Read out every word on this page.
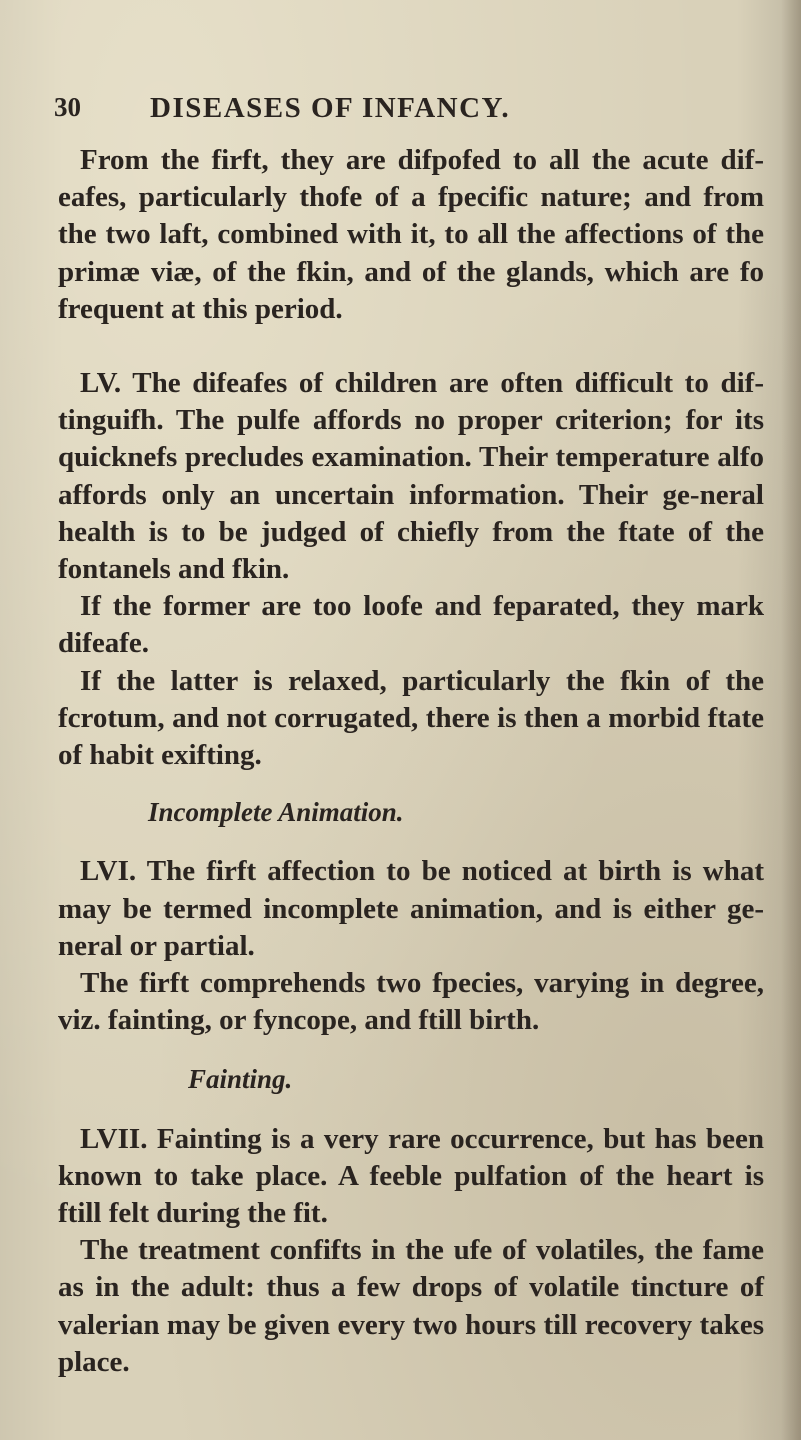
30 DISEASES OF INFANCY.

From the firft, they are difpofed to all the acute dif-eafes, particularly thofe of a fpecific nature; and from the two laft, combined with it, to all the affections of the primæ viæ, of the fkin, and of the glands, which are fo frequent at this period.

LV. The difeafes of children are often difficult to dif-tinguifh. The pulfe affords no proper criterion; for its quicknefs precludes examination. Their temperature alfo affords only an uncertain information. Their ge-neral health is to be judged of chiefly from the ftate of the fontanels and fkin.

If the former are too loofe and feparated, they mark difeafe.

If the latter is relaxed, particularly the fkin of the fcrotum, and not corrugated, there is then a morbid ftate of habit exifting.

Incomplete Animation.

LVI. The firft affection to be noticed at birth is what may be termed incomplete animation, and is either ge-neral or partial.

The firft comprehends two fpecies, varying in degree, viz. fainting, or fyncope, and ftill birth.

Fainting.

LVII. Fainting is a very rare occurrence, but has been known to take place. A feeble pulfation of the heart is ftill felt during the fit.

The treatment confifts in the ufe of volatiles, the fame as in the adult: thus a few drops of volatile tincture of valerian may be given every two hours till recovery takes place.
